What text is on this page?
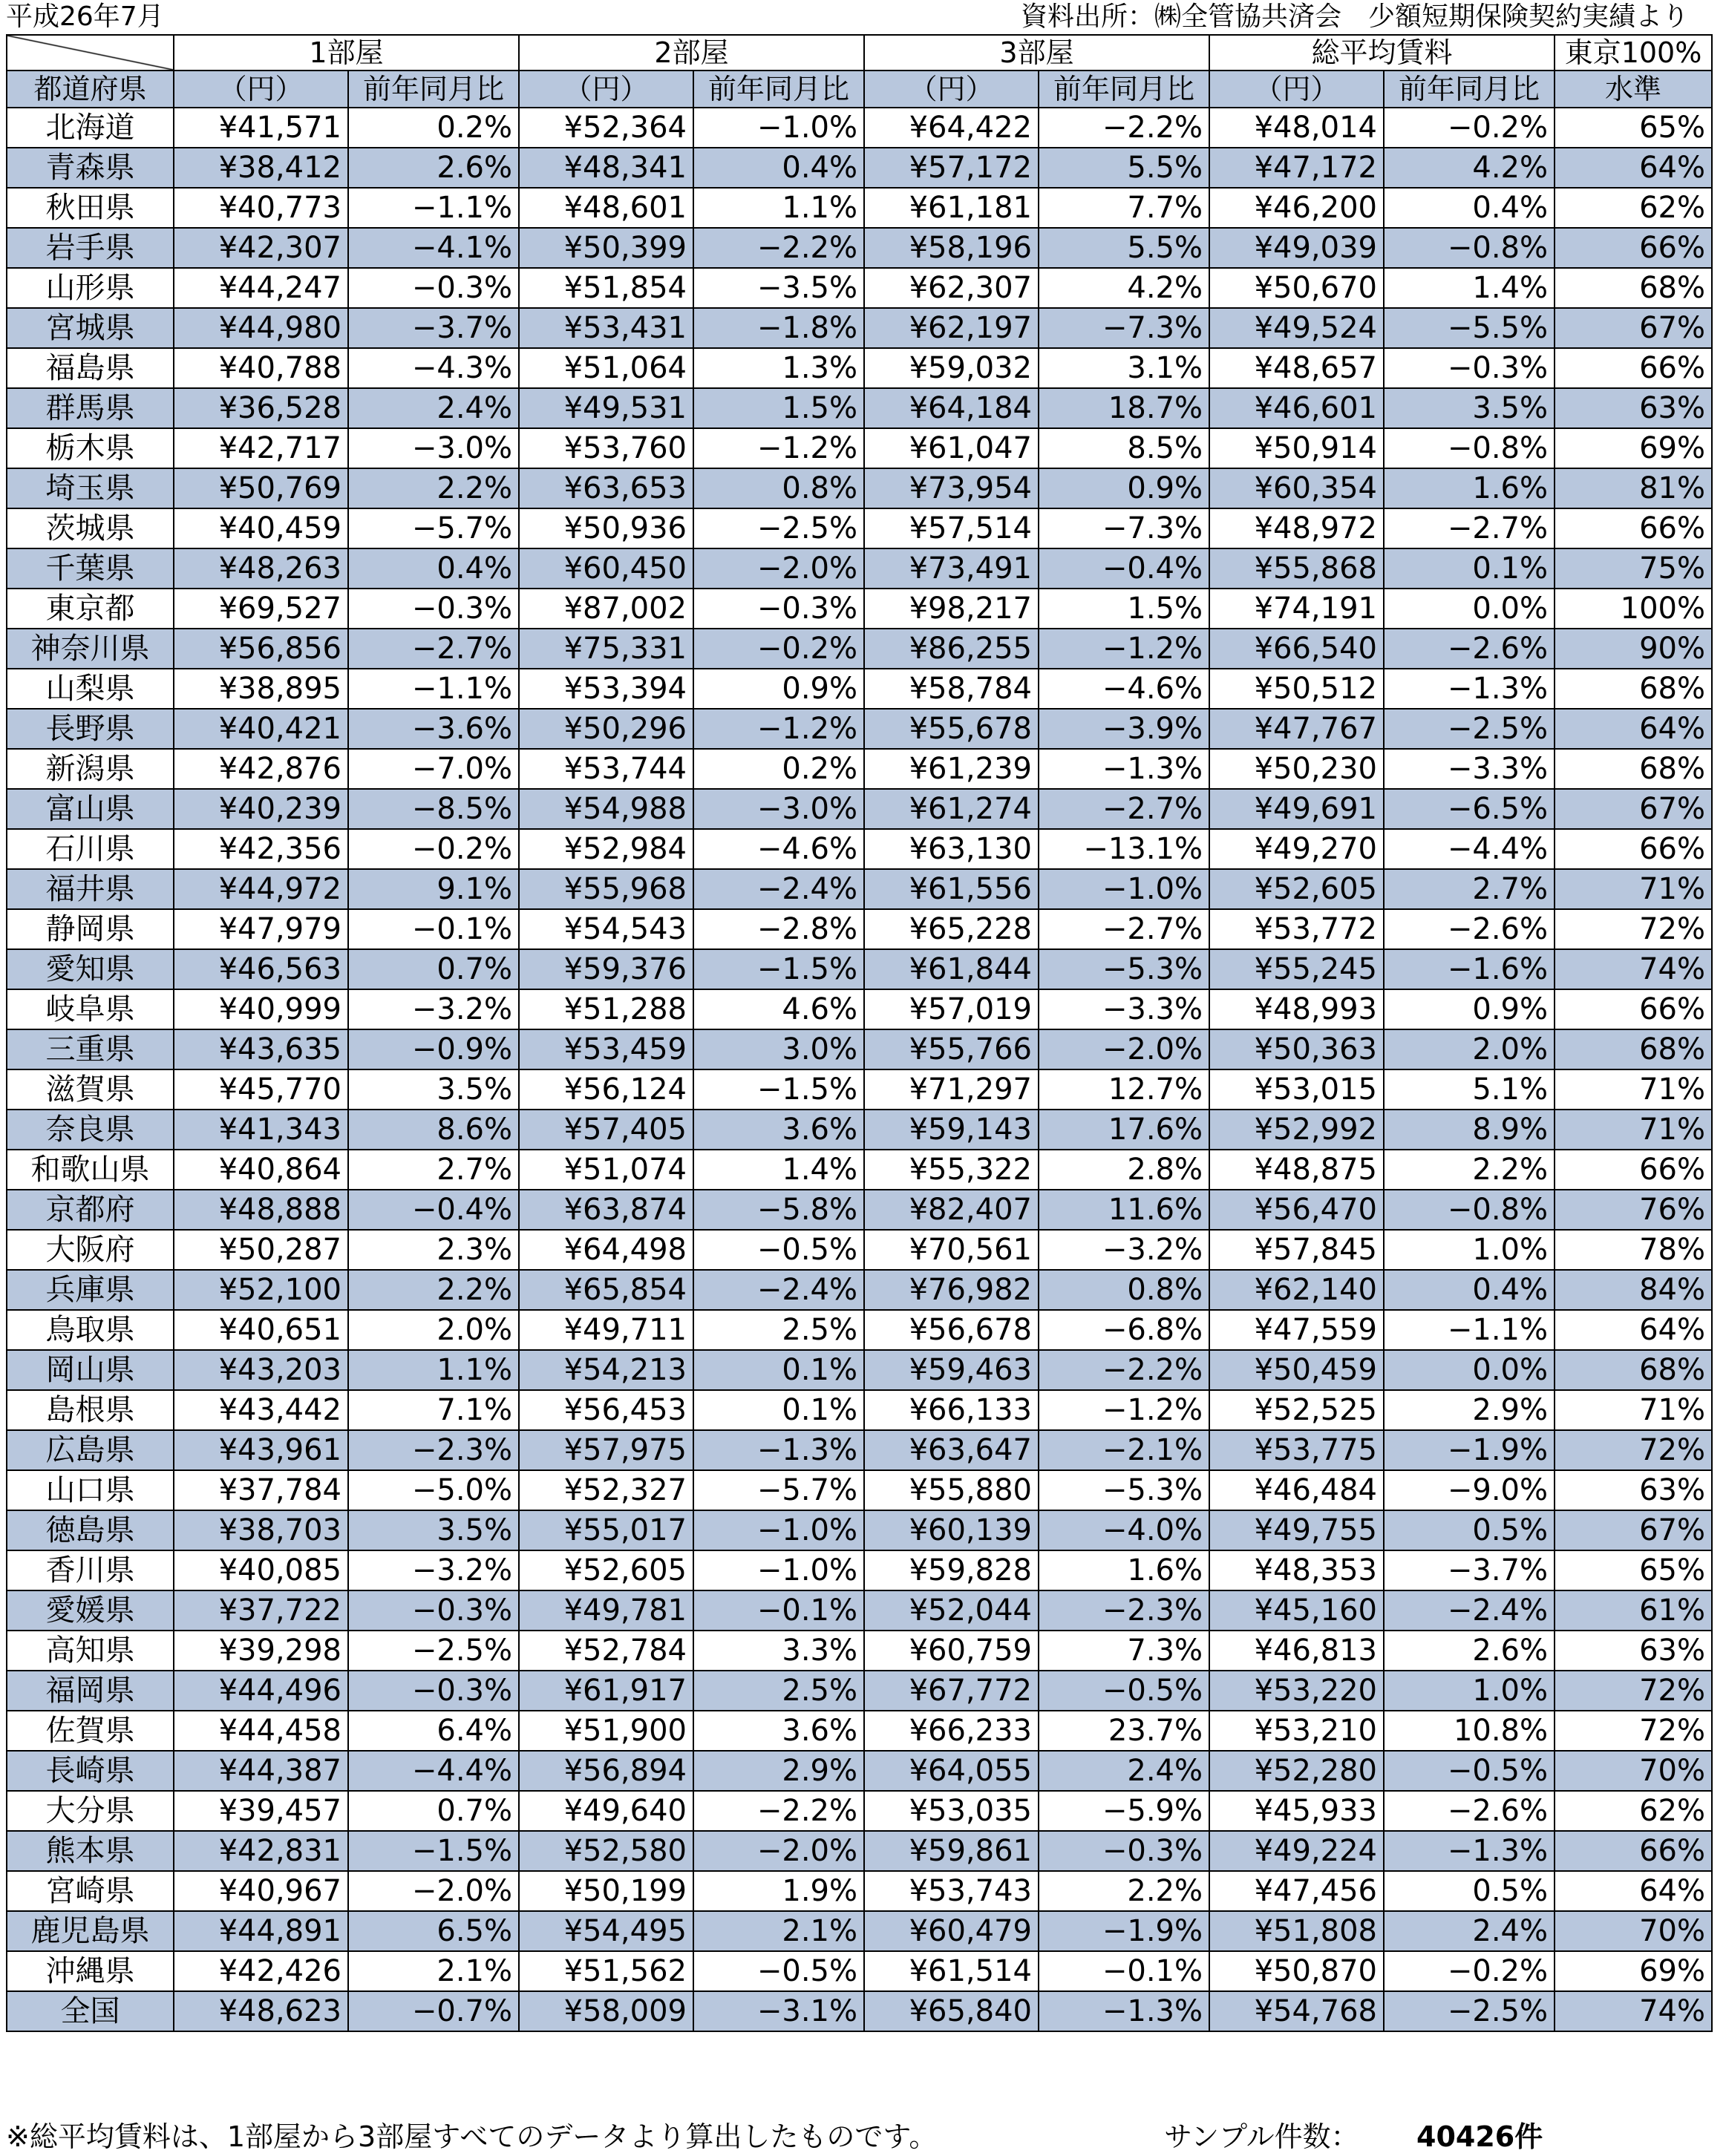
平成26年7月	資料出所：㈱全管協共済会　少額短期保険契約実績より
	1部屋		2部屋		3部屋		総平均賃料		東京100%
都道府県	（円）	前年同月比	（円）	前年同月比	（円）	前年同月比	（円）	前年同月比	水準
北海道	¥41,571	0.2%	¥52,364	−1.0%	¥64,422	−2.2%	¥48,014	−0.2%	65%
青森県	¥38,412	2.6%	¥48,341	0.4%	¥57,172	5.5%	¥47,172	4.2%	64%
秋田県	¥40,773	−1.1%	¥48,601	1.1%	¥61,181	7.7%	¥46,200	0.4%	62%
岩手県	¥42,307	−4.1%	¥50,399	−2.2%	¥58,196	5.5%	¥49,039	−0.8%	66%
山形県	¥44,247	−0.3%	¥51,854	−3.5%	¥62,307	4.2%	¥50,670	1.4%	68%
宮城県	¥44,980	−3.7%	¥53,431	−1.8%	¥62,197	−7.3%	¥49,524	−5.5%	67%
福島県	¥40,788	−4.3%	¥51,064	1.3%	¥59,032	3.1%	¥48,657	−0.3%	66%
群馬県	¥36,528	2.4%	¥49,531	1.5%	¥64,184	18.7%	¥46,601	3.5%	63%
栃木県	¥42,717	−3.0%	¥53,760	−1.2%	¥61,047	8.5%	¥50,914	−0.8%	69%
埼玉県	¥50,769	2.2%	¥63,653	0.8%	¥73,954	0.9%	¥60,354	1.6%	81%
茨城県	¥40,459	−5.7%	¥50,936	−2.5%	¥57,514	−7.3%	¥48,972	−2.7%	66%
千葉県	¥48,263	0.4%	¥60,450	−2.0%	¥73,491	−0.4%	¥55,868	0.1%	75%
東京都	¥69,527	−0.3%	¥87,002	−0.3%	¥98,217	1.5%	¥74,191	0.0%	100%
神奈川県	¥56,856	−2.7%	¥75,331	−0.2%	¥86,255	−1.2%	¥66,540	−2.6%	90%
山梨県	¥38,895	−1.1%	¥53,394	0.9%	¥58,784	−4.6%	¥50,512	−1.3%	68%
長野県	¥40,421	−3.6%	¥50,296	−1.2%	¥55,678	−3.9%	¥47,767	−2.5%	64%
新潟県	¥42,876	−7.0%	¥53,744	0.2%	¥61,239	−1.3%	¥50,230	−3.3%	68%
富山県	¥40,239	−8.5%	¥54,988	−3.0%	¥61,274	−2.7%	¥49,691	−6.5%	67%
石川県	¥42,356	−0.2%	¥52,984	−4.6%	¥63,130	−13.1%	¥49,270	−4.4%	66%
福井県	¥44,972	9.1%	¥55,968	−2.4%	¥61,556	−1.0%	¥52,605	2.7%	71%
静岡県	¥47,979	−0.1%	¥54,543	−2.8%	¥65,228	−2.7%	¥53,772	−2.6%	72%
愛知県	¥46,563	0.7%	¥59,376	−1.5%	¥61,844	−5.3%	¥55,245	−1.6%	74%
岐阜県	¥40,999	−3.2%	¥51,288	4.6%	¥57,019	−3.3%	¥48,993	0.9%	66%
三重県	¥43,635	−0.9%	¥53,459	3.0%	¥55,766	−2.0%	¥50,363	2.0%	68%
滋賀県	¥45,770	3.5%	¥56,124	−1.5%	¥71,297	12.7%	¥53,015	5.1%	71%
奈良県	¥41,343	8.6%	¥57,405	3.6%	¥59,143	17.6%	¥52,992	8.9%	71%
和歌山県	¥40,864	2.7%	¥51,074	1.4%	¥55,322	2.8%	¥48,875	2.2%	66%
京都府	¥48,888	−0.4%	¥63,874	−5.8%	¥82,407	11.6%	¥56,470	−0.8%	76%
大阪府	¥50,287	2.3%	¥64,498	−0.5%	¥70,561	−3.2%	¥57,845	1.0%	78%
兵庫県	¥52,100	2.2%	¥65,854	−2.4%	¥76,982	0.8%	¥62,140	0.4%	84%
鳥取県	¥40,651	2.0%	¥49,711	2.5%	¥56,678	−6.8%	¥47,559	−1.1%	64%
岡山県	¥43,203	1.1%	¥54,213	0.1%	¥59,463	−2.2%	¥50,459	0.0%	68%
島根県	¥43,442	7.1%	¥56,453	0.1%	¥66,133	−1.2%	¥52,525	2.9%	71%
広島県	¥43,961	−2.3%	¥57,975	−1.3%	¥63,647	−2.1%	¥53,775	−1.9%	72%
山口県	¥37,784	−5.0%	¥52,327	−5.7%	¥55,880	−5.3%	¥46,484	−9.0%	63%
徳島県	¥38,703	3.5%	¥55,017	−1.0%	¥60,139	−4.0%	¥49,755	0.5%	67%
香川県	¥40,085	−3.2%	¥52,605	−1.0%	¥59,828	1.6%	¥48,353	−3.7%	65%
愛媛県	¥37,722	−0.3%	¥49,781	−0.1%	¥52,044	−2.3%	¥45,160	−2.4%	61%
高知県	¥39,298	−2.5%	¥52,784	3.3%	¥60,759	7.3%	¥46,813	2.6%	63%
福岡県	¥44,496	−0.3%	¥61,917	2.5%	¥67,772	−0.5%	¥53,220	1.0%	72%
佐賀県	¥44,458	6.4%	¥51,900	3.6%	¥66,233	23.7%	¥53,210	10.8%	72%
長崎県	¥44,387	−4.4%	¥56,894	2.9%	¥64,055	2.4%	¥52,280	−0.5%	70%
大分県	¥39,457	0.7%	¥49,640	−2.2%	¥53,035	−5.9%	¥45,933	−2.6%	62%
熊本県	¥42,831	−1.5%	¥52,580	−2.0%	¥59,861	−0.3%	¥49,224	−1.3%	66%
宮崎県	¥40,967	−2.0%	¥50,199	1.9%	¥53,743	2.2%	¥47,456	0.5%	64%
鹿児島県	¥44,891	6.5%	¥54,495	2.1%	¥60,479	−1.9%	¥51,808	2.4%	70%
沖縄県	¥42,426	2.1%	¥51,562	−0.5%	¥61,514	−0.1%	¥50,870	−0.2%	69%
全国	¥48,623	−0.7%	¥58,009	−3.1%	¥65,840	−1.3%	¥54,768	−2.5%	74%
※総平均賃料は、1部屋から3部屋すべてのデータより算出したものです。	サンプル件数： 40426件
